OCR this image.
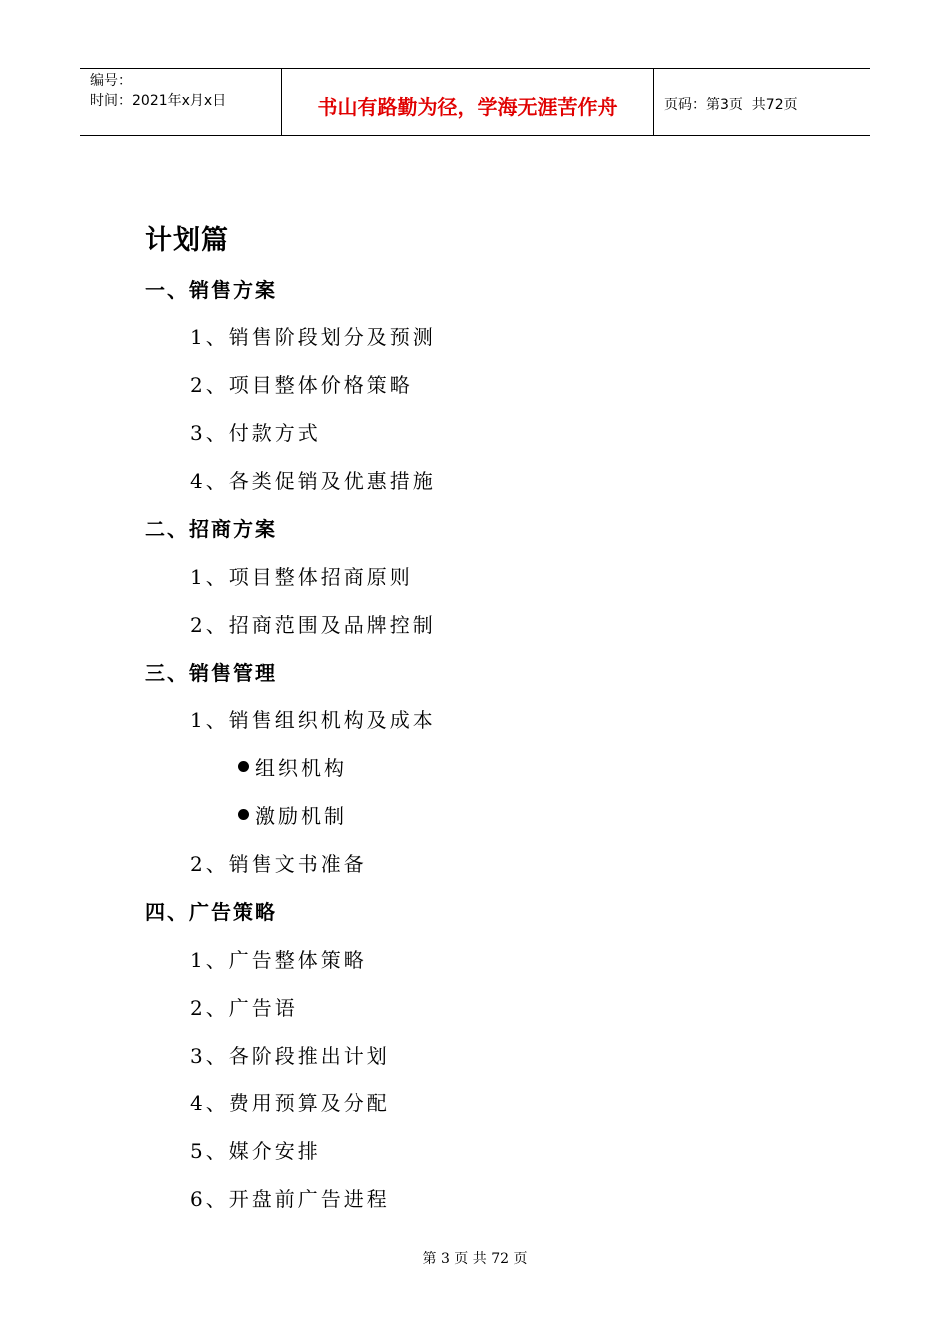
编号：
时间：2021年x月x日	书山有路勤为径，学海无涯苦作舟	页码：第3页  共72页
计划篇
一、销售方案
1、销售阶段划分及预测
2、项目整体价格策略
3、付款方式
4、各类促销及优惠措施
二、招商方案
1、项目整体招商原则
2、招商范围及品牌控制
三、销售管理
1、销售组织机构及成本
组织机构
激励机制
2、销售文书准备
四、广告策略
1、广告整体策略
2、广告语
3、各阶段推出计划
4、费用预算及分配
5、媒介安排
6、开盘前广告进程
第 3 页 共 72 页
